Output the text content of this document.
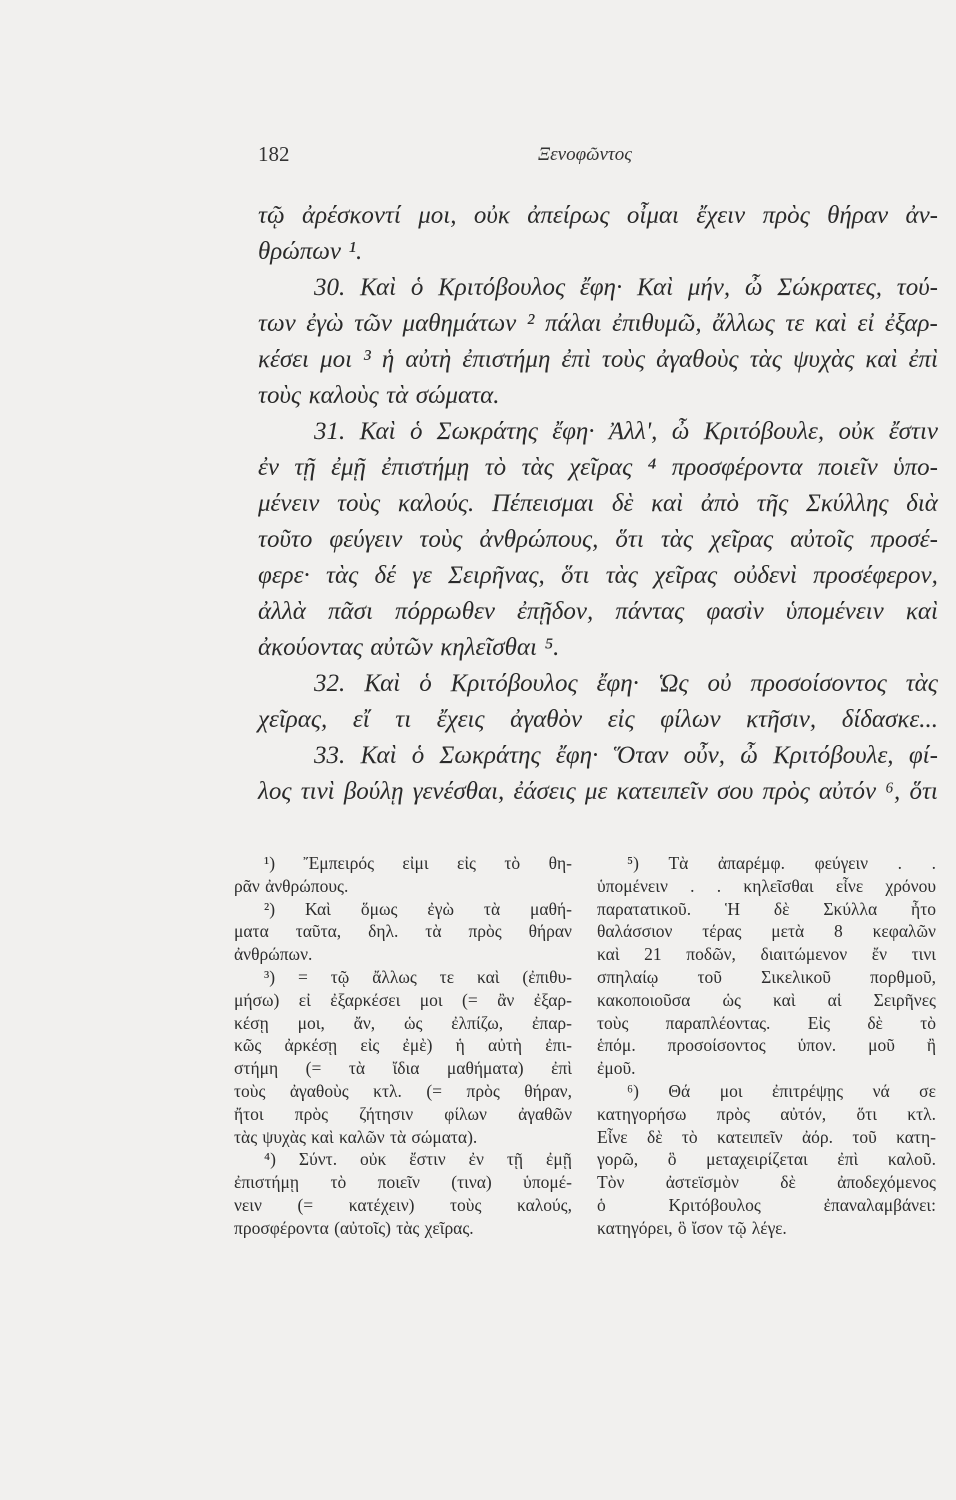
182	Ξενοφῶντος
τῷ ἀρέσκοντί μοι, οὐκ ἀπείρως οἶμαι ἔχειν πρὸς θήραν ἀν-
θρώπων ¹.
30. Καὶ ὁ Κριτόβουλος ἔφη· Καὶ μήν, ὦ Σώκρατες, τού-
των ἐγὼ τῶν μαθημάτων ² πάλαι ἐπιθυμῶ, ἄλλως τε καὶ εἰ ἐξαρ-
κέσει μοι ³ ἡ αὐτὴ ἐπιστήμη ἐπὶ τοὺς ἀγαθοὺς τὰς ψυχὰς καὶ ἐπὶ
τοὺς καλοὺς τὰ σώματα.
31. Καὶ ὁ Σωκράτης ἔφη· Ἀλλ', ὦ Κριτόβουλε, οὐκ ἔστιν
ἐν τῇ ἐμῇ ἐπιστήμῃ τὸ τὰς χεῖρας ⁴ προσφέροντα ποιεῖν ὑπο-
μένειν τοὺς καλούς. Πέπεισμαι δὲ καὶ ἀπὸ τῆς Σκύλλης διὰ
τοῦτο φεύγειν τοὺς ἀνθρώπους, ὅτι τὰς χεῖρας αὐτοῖς προσέ-
φερε· τὰς δέ γε Σειρῆνας, ὅτι τὰς χεῖρας οὐδενὶ προσέφερον,
ἀλλὰ πᾶσι πόρρωθεν ἐπῇδον, πάντας φασὶν ὑπομένειν καὶ
ἀκούοντας αὐτῶν κηλεῖσθαι ⁵.
32. Καὶ ὁ Κριτόβουλος ἔφη· Ὡς οὐ προσοίσοντος τὰς
χεῖρας, εἴ τι ἔχεις ἀγαθὸν εἰς φίλων κτῆσιν, δίδασκε...
33. Καὶ ὁ Σωκράτης ἔφη· Ὅταν οὖν, ὦ Κριτόβουλε, φί-
λος τινὶ βούλῃ γενέσθαι, ἐάσεις με κατειπεῖν σου πρὸς αὐτόν ⁶, ὅτι
¹) Ἔμπειρός εἰμι εἰς τὸ θη-
ρᾶν ἀνθρώπους.
²) Καὶ ὅμως ἐγὼ τὰ μαθή-
ματα ταῦτα, δηλ. τὰ πρὸς θήραν
ἀνθρώπων.
³) = τῷ ἄλλως τε καὶ (ἐπιθυ-
μήσω) εἰ ἐξαρκέσει μοι (= ἂν ἐξαρ-
κέσῃ μοι, ἄν, ὡς ἐλπίζω, ἐπαρ-
κῶς ἀρκέσῃ εἰς ἐμὲ) ἡ αὐτὴ ἐπι-
στήμη (= τὰ ἴδια μαθήματα) ἐπὶ
τοὺς ἀγαθοὺς κτλ. (= πρὸς θήραν,
ἤτοι πρὸς ζήτησιν φίλων ἀγαθῶν
τὰς ψυχὰς καὶ καλῶν τὰ σώματα).
⁴) Σύντ. οὐκ ἔστιν ἐν τῇ ἐμῇ
ἐπιστήμῃ τὸ ποιεῖν (τινα) ὑπομέ-
νειν (= κατέχειν) τοὺς καλούς,
προσφέροντα (αὐτοῖς) τὰς χεῖρας.
⁵) Τὰ ἀπαρέμφ. φεύγειν . .
ὑπομένειν . . κηλεῖσθαι εἶνε χρόνου
παρατατικοῦ. Ἡ δὲ Σκύλλα ἦτο
θαλάσσιον τέρας μετὰ 8 κεφαλῶν
καὶ 21 ποδῶν, διαιτώμενον ἔν τινι
σπηλαίῳ τοῦ Σικελικοῦ πορθμοῦ,
κακοποιοῦσα ὡς καὶ αἱ Σειρῆνες
τοὺς παραπλέοντας. Εἰς δὲ τὸ
ἑπόμ. προσοίσοντος ὑπον. μοῦ ἢ
ἐμοῦ.
⁶) Θά μοι ἐπιτρέψῃς νά σε
κατηγορήσω πρὸς αὐτόν, ὅτι κτλ.
Εἶνε δὲ τὸ κατειπεῖν ἀόρ. τοῦ κατη-
γορῶ, ὃ μεταχειρίζεται ἐπὶ καλοῦ.
Τὸν ἀστεϊσμὸν δὲ ἀποδεχόμενος
ὁ	Κριτόβουλος	ἐπαναλαμβάνει:
κατηγόρει, ὃ ἴσον τῷ λέγε.
